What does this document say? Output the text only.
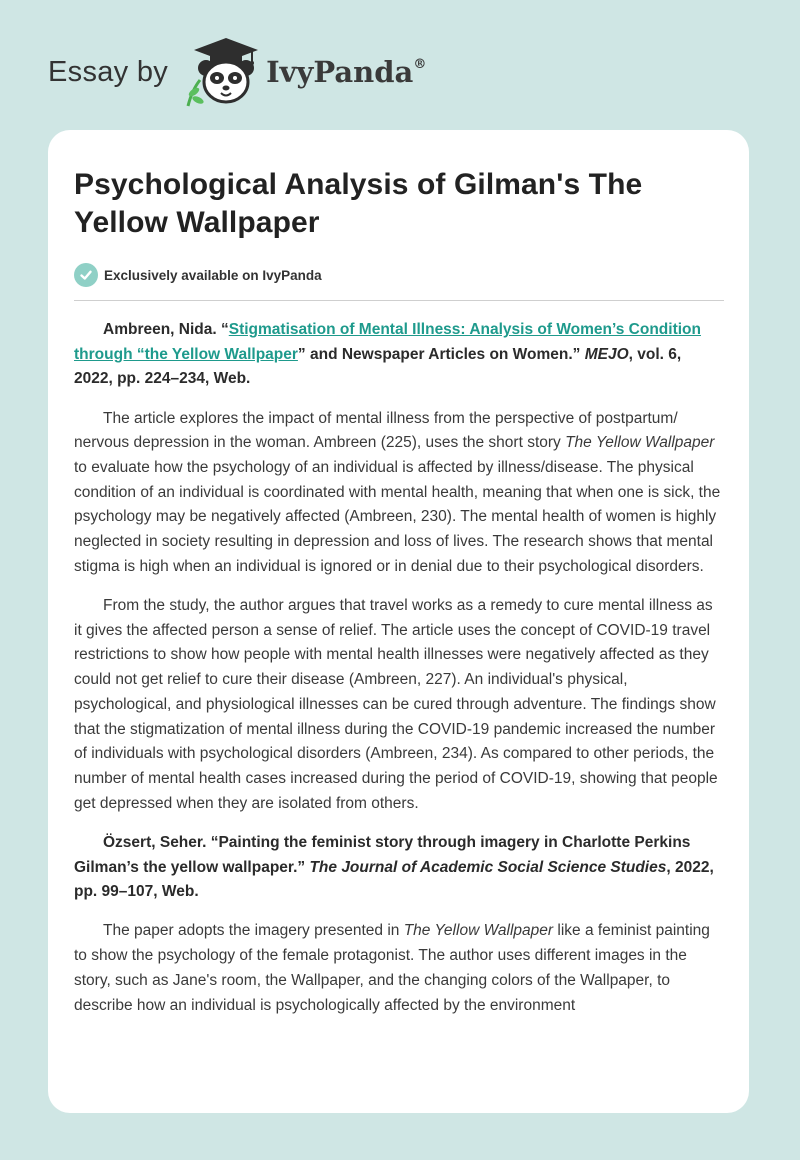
Essay by	IvyPanda®
Psychological Analysis of Gilman's The Yellow Wallpaper
Exclusively available on IvyPanda

Ambreen, Nida. “Stigmatisation of Mental Illness: Analysis of Women’s Condition through “the Yellow Wallpaper” and Newspaper Articles on Women.” MEJO, vol. 6, 2022, pp. 224–234, Web.

The article explores the impact of mental illness from the perspective of postpartum/ nervous depression in the woman. Ambreen (225), uses the short story The Yellow Wallpaper to evaluate how the psychology of an individual is affected by illness/disease. The physical condition of an individual is coordinated with mental health, meaning that when one is sick, the psychology may be negatively affected (Ambreen, 230). The mental health of women is highly neglected in society resulting in depression and loss of lives. The research shows that mental stigma is high when an individual is ignored or in denial due to their psychological disorders.

From the study, the author argues that travel works as a remedy to cure mental illness as it gives the affected person a sense of relief. The article uses the concept of COVID-19 travel restrictions to show how people with mental health illnesses were negatively affected as they could not get relief to cure their disease (Ambreen, 227). An individual's physical, psychological, and physiological illnesses can be cured through adventure. The findings show that the stigmatization of mental illness during the COVID-19 pandemic increased the number of individuals with psychological disorders (Ambreen, 234). As compared to other periods, the number of mental health cases increased during the period of COVID-19, showing that people get depressed when they are isolated from others.

Özsert, Seher. “Painting the feminist story through imagery in Charlotte Perkins Gilman’s the yellow wallpaper.” The Journal of Academic Social Science Studies, 2022, pp. 99–107, Web.

The paper adopts the imagery presented in The Yellow Wallpaper like a feminist painting to show the psychology of the female protagonist. The author uses different images in the story, such as Jane's room, the Wallpaper, and the changing colors of the Wallpaper, to describe how an individual is psychologically affected by the environment
